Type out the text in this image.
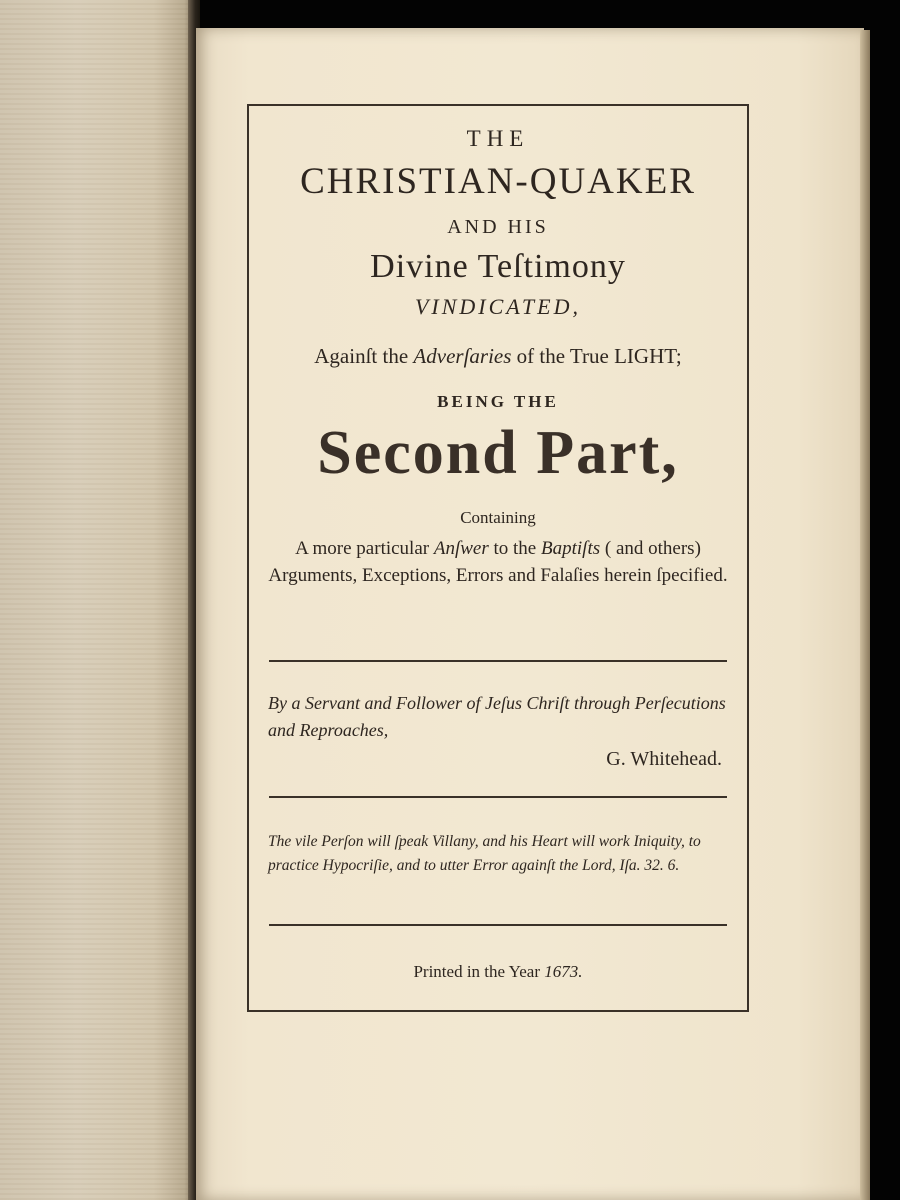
THE
CHRISTIAN-QUAKER
AND HIS
Divine Teſtimony
VINDICATED,
Againſt the Adverſaries of the True LIGHT;
BEING THE
Second Part,
Containing
A more particular Anſwer to the Baptiſts ( and others) Arguments, Exceptions, Errors and Falaſies herein ſpecified.
By a Servant and Follower of Jeſus Chriſt through Perſecutions and Reproaches,
G. Whitehead.
The vile Perſon will ſpeak Villany, and his Heart will work Iniquity, to practice Hypocriſie, and to utter Error againſt the Lord, Iſa. 32. 6.
Printed in the Year 1673.
